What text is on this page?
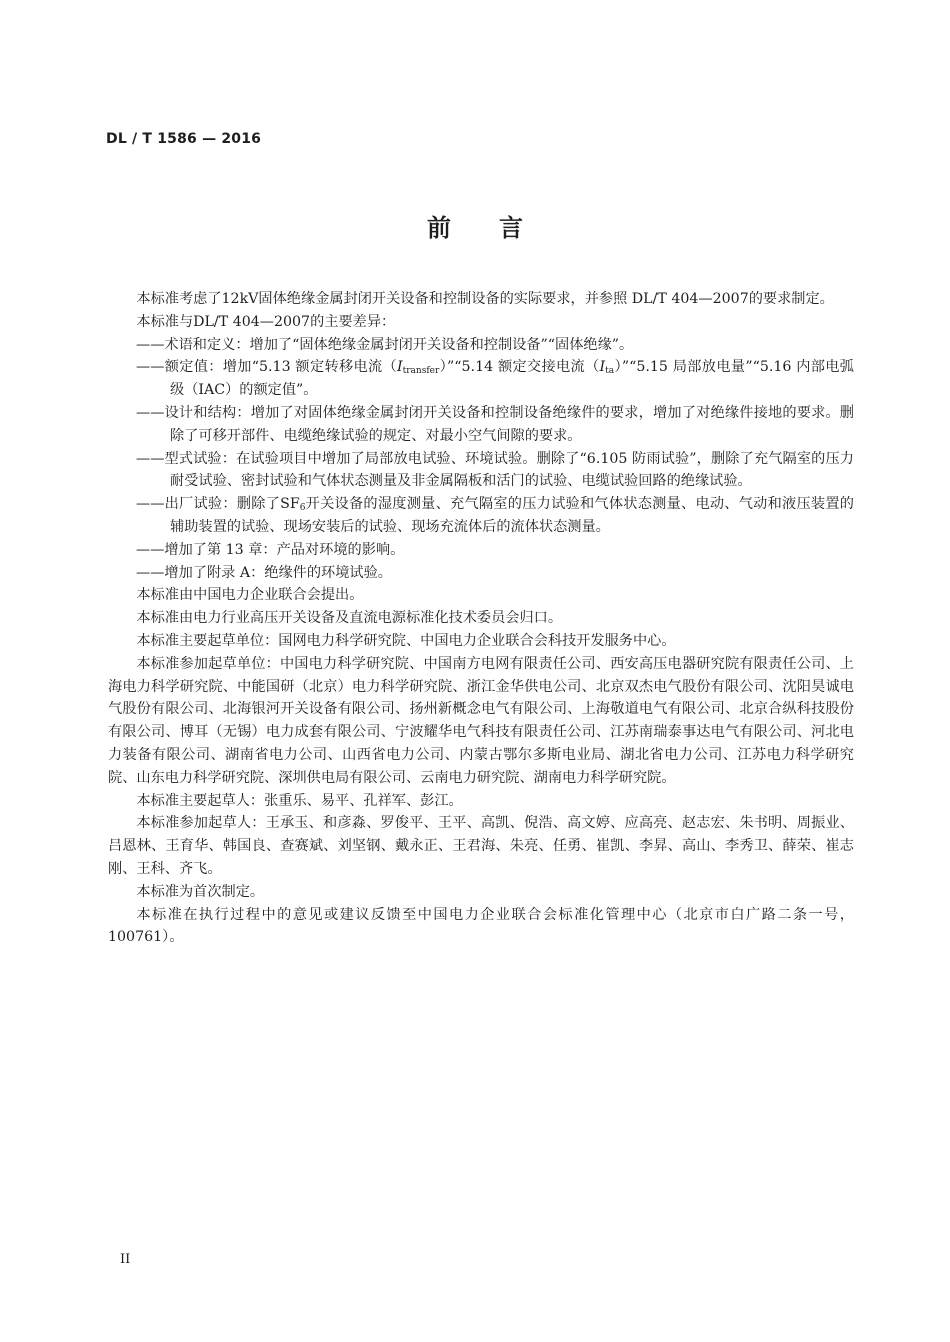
DL / T 1586 — 2016
前 言

本标准考虑了12kV固体绝缘金属封闭开关设备和控制设备的实际要求，并参照 DL/T 404—2007的要求制定。

本标准与DL/T 404—2007的主要差异：

——术语和定义：增加了“固体绝缘金属封闭开关设备和控制设备”“固体绝缘”。

——额定值：增加“5.13 额定转移电流$(I_{transfer})”“5.14$ 额定交接电流$(I_{ta})”“5.15$ 局部放电量”“5.16 内部电弧级（IAC）的额定值”。

——设计和结构：增加了对固体绝缘金属封闭开关设备和控制设备绝缘件的要求，增加了对绝缘件接地的要求。删除了可移开部件、电缆绝缘试验的规定、对最小空气间隙的要求。

——型式试验：在试验项目中增加了局部放电试验、环境试验。删除了“6.105 防雨试验”，删除了充气隔室的压力耐受试验、密封试验和气体状态测量及非金属隔板和活门的试验、电缆试验回路的绝缘试验。

——出厂试验：删除了$SF_6$开关设备的湿度测量、充气隔室的压力试验和气体状态测量、电动、气动和液压装置的辅助装置的试验、现场安装后的试验、现场充流体后的流体状态测量。

——增加了第 13 章：产品对环境的影响。

——增加了附录 A：绝缘件的环境试验。

本标准由中国电力企业联合会提出。

本标准由电力行业高压开关设备及直流电源标准化技术委员会归口。

本标准主要起草单位：国网电力科学研究院、中国电力企业联合会科技开发服务中心。

本标准参加起草单位：中国电力科学研究院、中国南方电网有限责任公司、西安高压电器研究院有限责任公司、上海电力科学研究院、中能国研（北京）电力科学研究院、浙江金华供电公司、北京双杰电气股份有限公司、沈阳昊诚电气股份有限公司、北海银河开关设备有限公司、扬州新概念电气有限公司、上海敬道电气有限公司、北京合纵科技股份有限公司、博耳（无锡）电力成套有限公司、宁波耀华电气科技有限责任公司、江苏南瑞泰事达电气有限公司、河北电力装备有限公司、湖南省电力公司、山西省电力公司、内蒙古鄂尔多斯电业局、湖北省电力公司、江苏电力科学研究院、山东电力科学研究院、深圳供电局有限公司、云南电力研究院、湖南电力科学研究院。

本标准主要起草人：张重乐、易平、孔祥军、彭江。

本标准参加起草人：王承玉、和彦淼、罗俊平、王平、高凯、倪浩、高文婷、应高亮、赵志宏、朱书明、周振业、吕恩林、王育华、韩国良、查赛斌、刘坚钢、戴永正、王君海、朱亮、任勇、崔凯、李昇、高山、李秀卫、薛荣、崔志刚、王科、齐飞。

本标准为首次制定。

本标准在执行过程中的意见或建议反馈至中国电力企业联合会标准化管理中心（北京市白广路二条一号，100761）。

II
